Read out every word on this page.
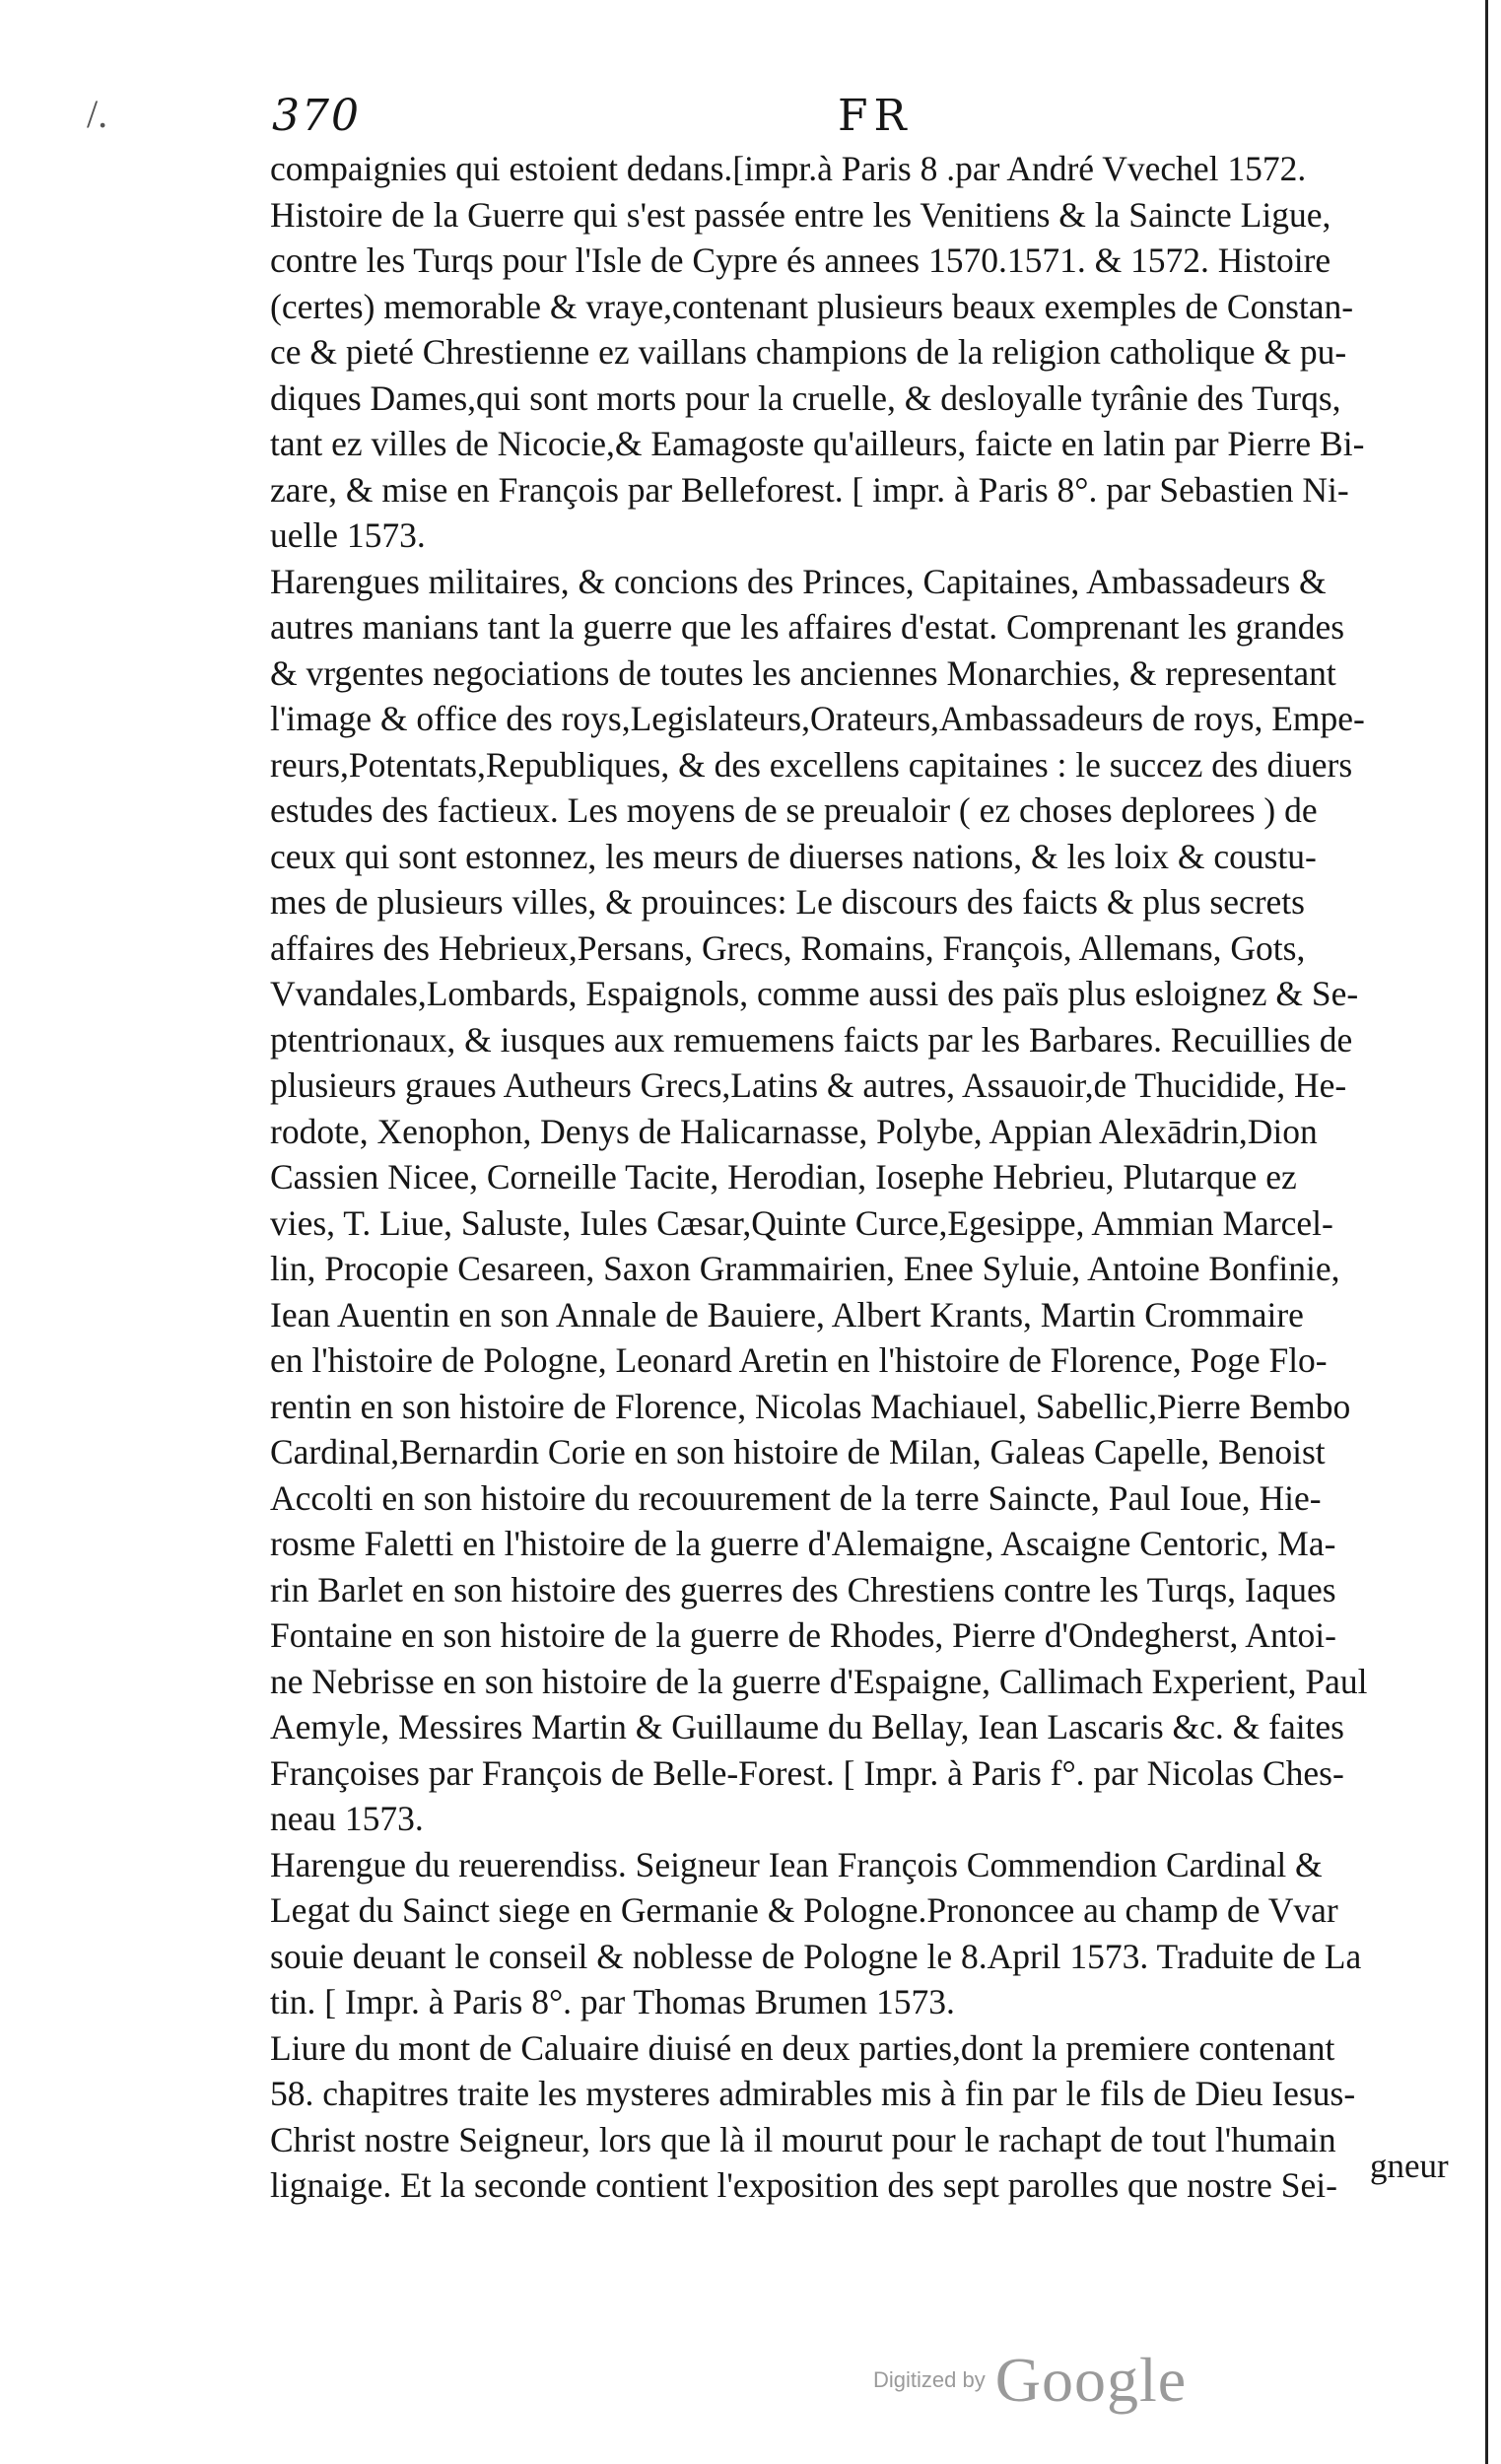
/.	370	FR
compaignies qui estoient dedans.[impr.à Paris 8 .par André Vvechel 1572.
Histoire de la Guerre qui s'est passée entre les Venitiens & la Saincte Ligue,
contre les Turqs pour l'Isle de Cypre és annees 1570.1571. & 1572. Histoire
(certes) memorable & vraye,contenant plusieurs beaux exemples de Constan-
ce & pieté Chrestienne ez vaillans champions de la religion catholique & pu-
diques Dames,qui sont morts pour la cruelle, & desloyalle tyrânie des Turqs,
tant ez villes de Nicocie,& Eamagoste qu'ailleurs, faicte en latin par Pierre Bi-
zare, & mise en François par Belleforest. [ impr. à Paris 8°. par Sebastien Ni-
uelle 1573.
Harengues militaires, & concions des Princes, Capitaines, Ambassadeurs &
autres manians tant la guerre que les affaires d'estat. Comprenant les grandes
& vrgentes negociations de toutes les anciennes Monarchies, & representant
l'image & office des roys,Legislateurs,Orateurs,Ambassadeurs de roys, Empe-
reurs,Potentats,Republiques, & des excellens capitaines : le succez des diuers
estudes des factieux. Les moyens de se preualoir ( ez choses deplorees ) de
ceux qui sont estonnez, les meurs de diuerses nations, & les loix & coustu-
mes de plusieurs villes, & prouinces: Le discours des faicts & plus secrets
affaires des Hebrieux,Persans, Grecs, Romains, François, Allemans, Gots,
Vvandales,Lombards, Espaignols, comme aussi des païs plus esloignez & Se-
ptentrionaux, & iusques aux remuemens faicts par les Barbares. Recuillies de
plusieurs graues Autheurs Grecs,Latins & autres, Assauoir,de Thucidide, He-
rodote, Xenophon, Denys de Halicarnasse, Polybe, Appian Alexādrin,Dion
Cassien Nicee, Corneille Tacite, Herodian, Iosephe Hebrieu, Plutarque ez
vies, T. Liue, Saluste, Iules Cæsar,Quinte Curce,Egesippe, Ammian Marcel-
lin, Procopie Cesareen, Saxon Grammairien, Enee Syluie, Antoine Bonfinie,
Iean Auentin en son Annale de Bauiere, Albert Krants, Martin Crommaire
en l'histoire de Pologne, Leonard Aretin en l'histoire de Florence, Poge Flo-
rentin en son histoire de Florence, Nicolas Machiauel, Sabellic,Pierre Bembo
Cardinal,Bernardin Corie en son histoire de Milan, Galeas Capelle, Benoist
Accolti en son histoire du recouurement de la terre Saincte, Paul Ioue, Hie-
rosme Faletti en l'histoire de la guerre d'Alemaigne, Ascaigne Centoric, Ma-
rin Barlet en son histoire des guerres des Chrestiens contre les Turqs, Iaques
Fontaine en son histoire de la guerre de Rhodes, Pierre d'Ondegherst, Antoi-
ne Nebrisse en son histoire de la guerre d'Espaigne, Callimach Experient, Paul
Aemyle, Messires Martin & Guillaume du Bellay, Iean Lascaris &c. & faites
Françoises par François de Belle-Forest. [ Impr. à Paris f°. par Nicolas Ches-
neau 1573.
Harengue du reuerendiss. Seigneur Iean François Commendion Cardinal &
Legat du Sainct siege en Germanie & Pologne.Prononcee au champ de Vvar
souie deuant le conseil & noblesse de Pologne le 8.April 1573. Traduite de La
tin. [ Impr. à Paris 8°. par Thomas Brumen 1573.
Liure du mont de Caluaire diuisé en deux parties,dont la premiere contenant
58. chapitres traite les mysteres admirables mis à fin par le fils de Dieu Iesus-
Christ nostre Seigneur, lors que là il mourut pour le rachapt de tout l'humain
lignaige. Et la seconde contient l'exposition des sept parolles que nostre Sei- gneur
Digitized by Google
